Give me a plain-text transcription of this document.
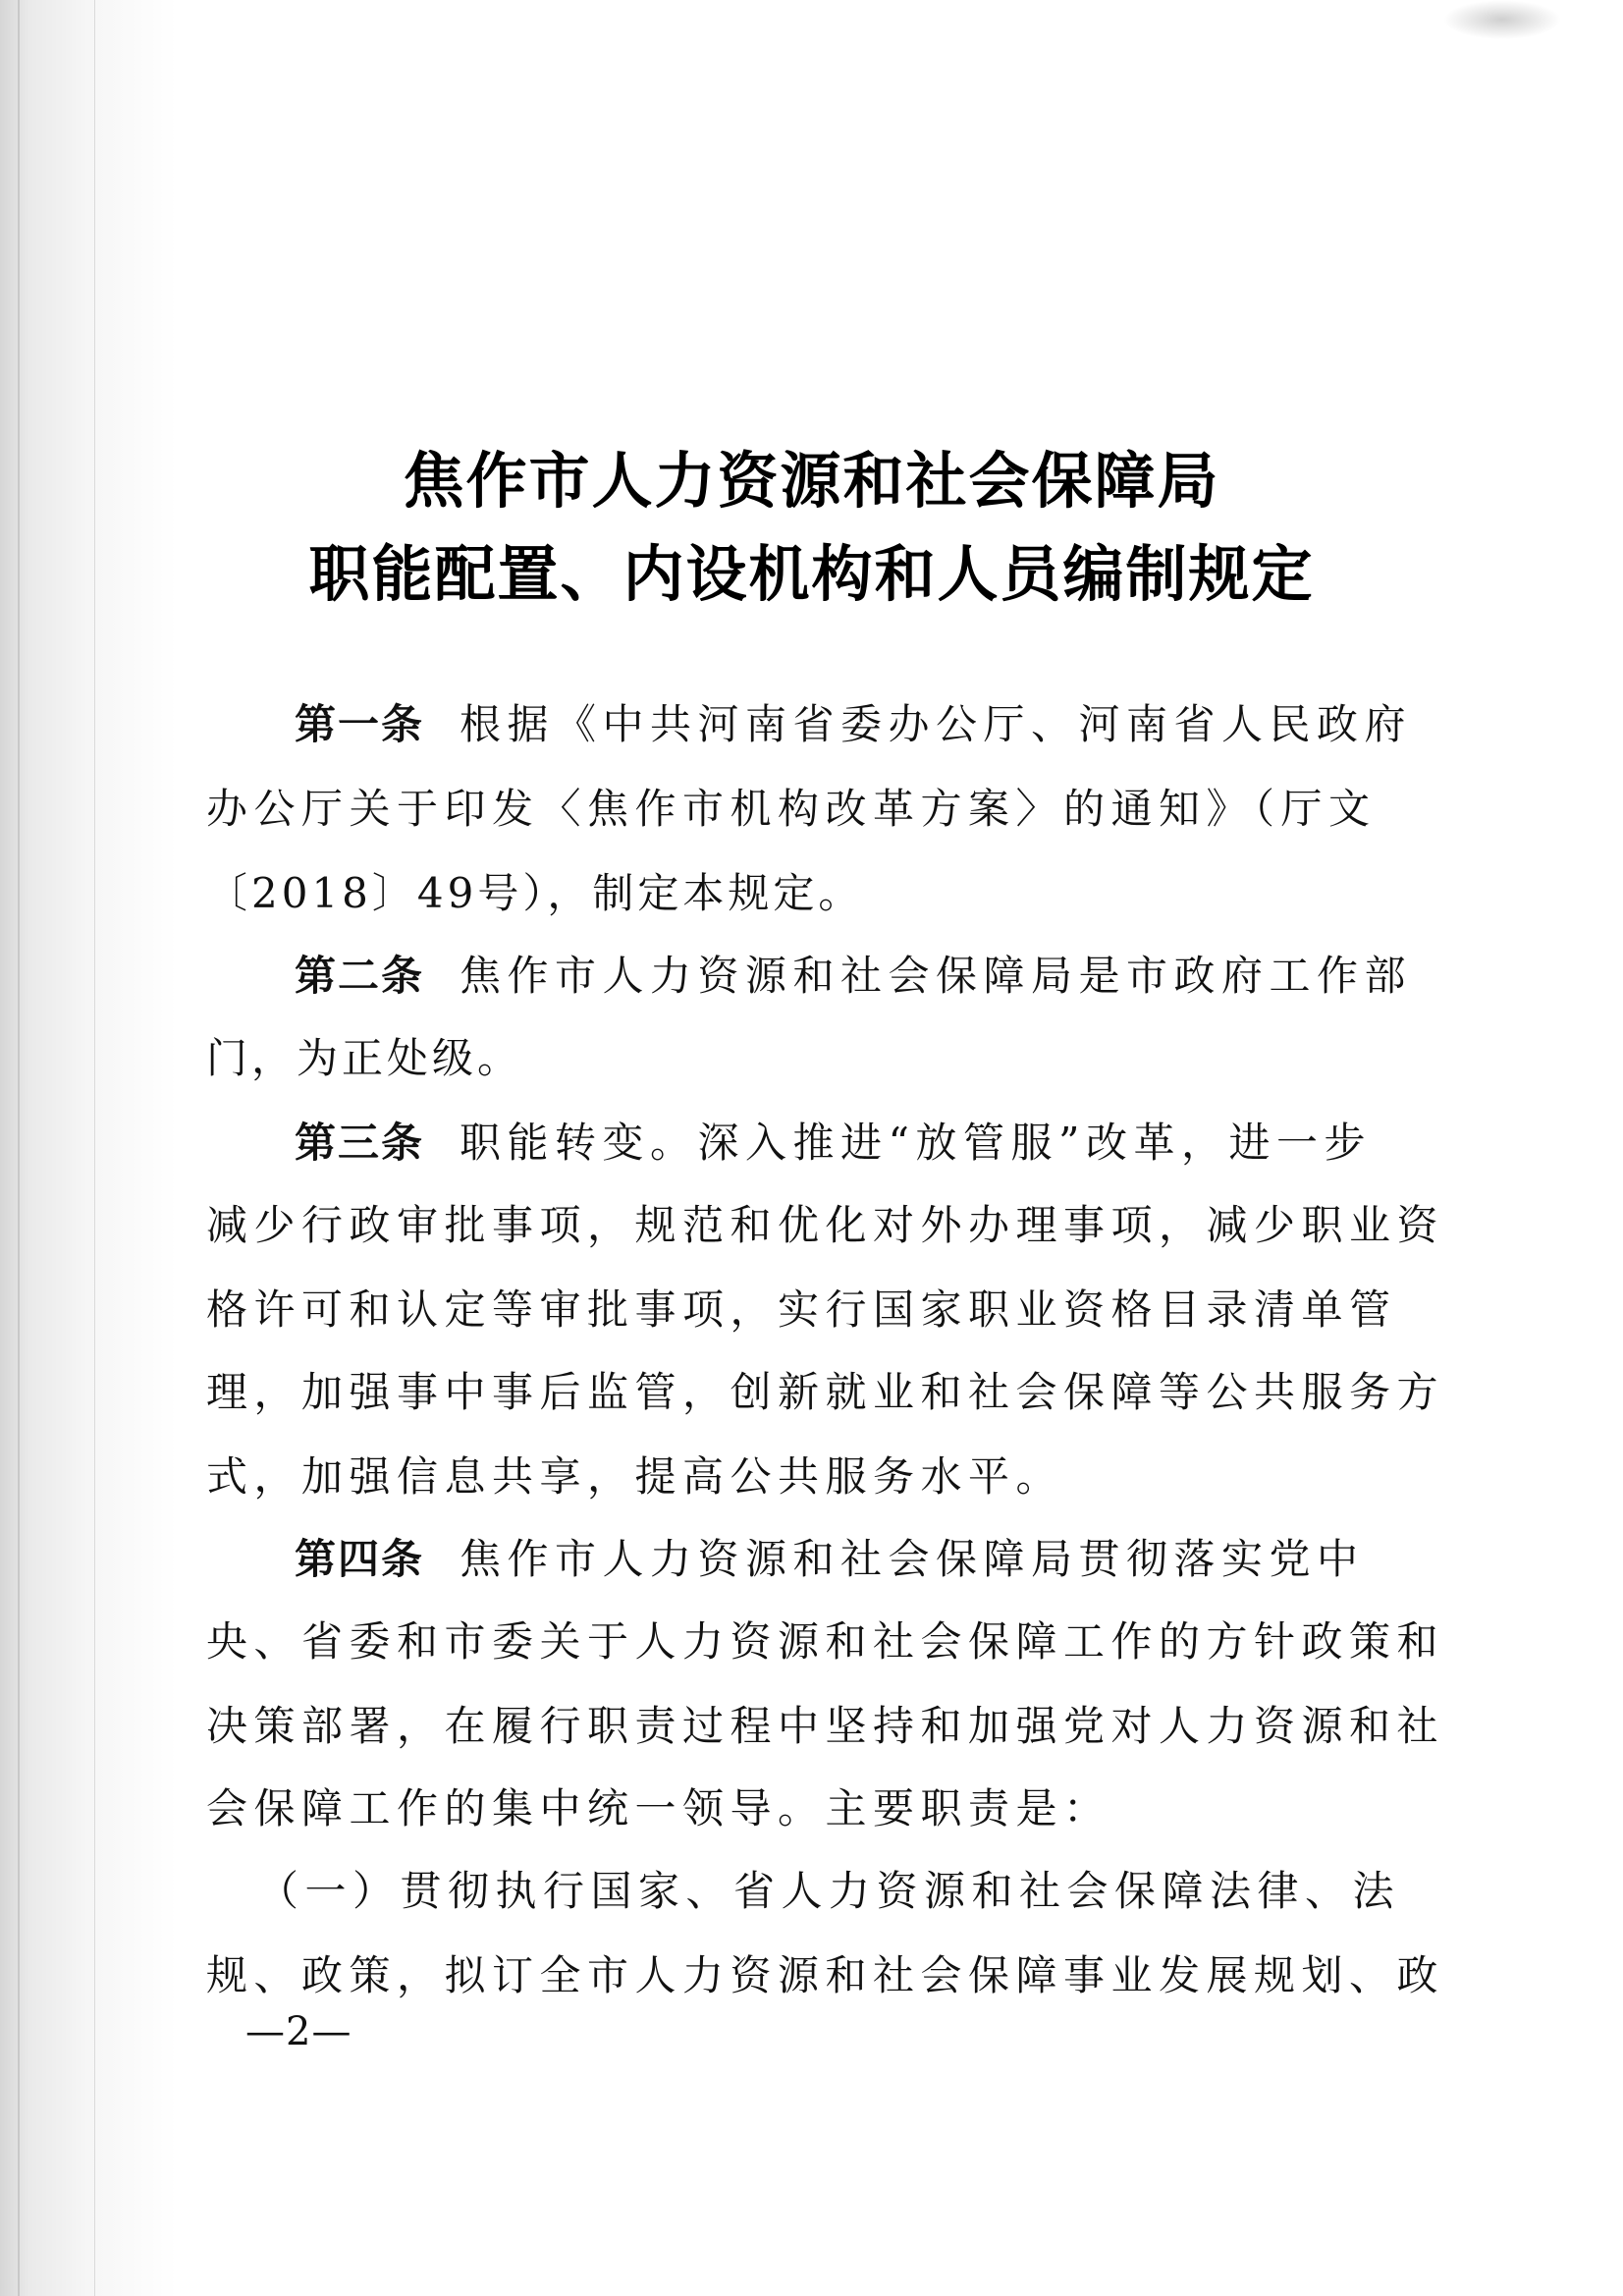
焦作市人力资源和社会保障局
职能配置、内设机构和人员编制规定
第一条 根据《中共河南省委办公厅、河南省人民政府
办公厅关于印发〈焦作市机构改革方案〉的通知》（厅文
〔2018〕49号），制定本规定。
第二条 焦作市人力资源和社会保障局是市政府工作部
门，为正处级。
第三条 职能转变。深入推进“放管服”改革，进一步
减少行政审批事项，规范和优化对外办理事项，减少职业资
格许可和认定等审批事项，实行国家职业资格目录清单管
理，加强事中事后监管，创新就业和社会保障等公共服务方
式，加强信息共享，提高公共服务水平。
第四条 焦作市人力资源和社会保障局贯彻落实党中
央、省委和市委关于人力资源和社会保障工作的方针政策和
决策部署，在履行职责过程中坚持和加强党对人力资源和社
会保障工作的集中统一领导。主要职责是：
（一）贯彻执行国家、省人力资源和社会保障法律、法
规、政策，拟订全市人力资源和社会保障事业发展规划、政
—2—
